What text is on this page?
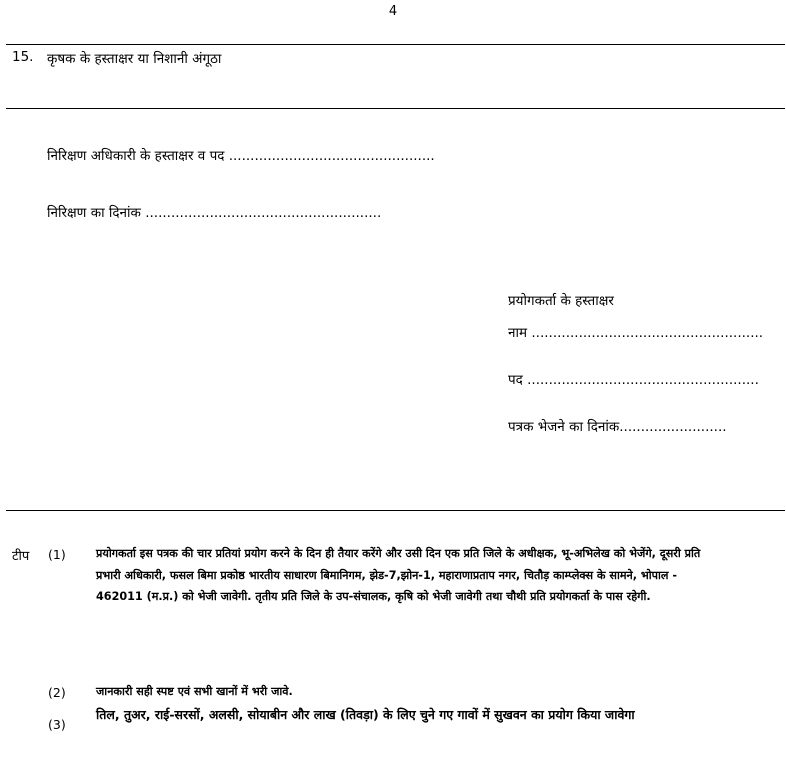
4
15. कृषक के हस्ताक्षर या निशानी अंगूठा
निरिक्षण अधिकारी के हस्ताक्षर व पद ................................................
निरिक्षण का दिनांक .......................................................
प्रयोगकर्ता के हस्ताक्षर
नाम ......................................................
पद ......................................................
पत्रक भेजने का दिनांक.........................
टीप (1)	प्रयोगकर्ता इस पत्रक की चार प्रतियां प्रयोग करने के दिन ही तैयार करेंगे और उसी दिन एक प्रति जिले के अधीक्षक, भू-अभिलेख को भेजेंगे, दूसरी प्रति प्रभारी अधिकारी, फसल बिमा प्रकोष्ठ भारतीय साधारण बिमानिगम, झेड-7,झोन-1, महाराणाप्रताप नगर, चितौड़ काम्प्लेक्स के सामने, भोपाल - 462011 (म.प्र.) को भेजी जावेगी. तृतीय प्रति जिले के उप-संचालक, कृषि को भेजी जावेगी तथा चौथी प्रति प्रयोगकर्ता के पास रहेगी.
(2)	जानकारी सही स्पष्ट एवं सभी खानों में भरी जावे.
(3)
तिल, तुअर, राई-सरसों, अलसी, सोयाबीन और लाख (तिवड़ा) के लिए चुने गए गावों में सुखवन का प्रयोग किया जावेगा
